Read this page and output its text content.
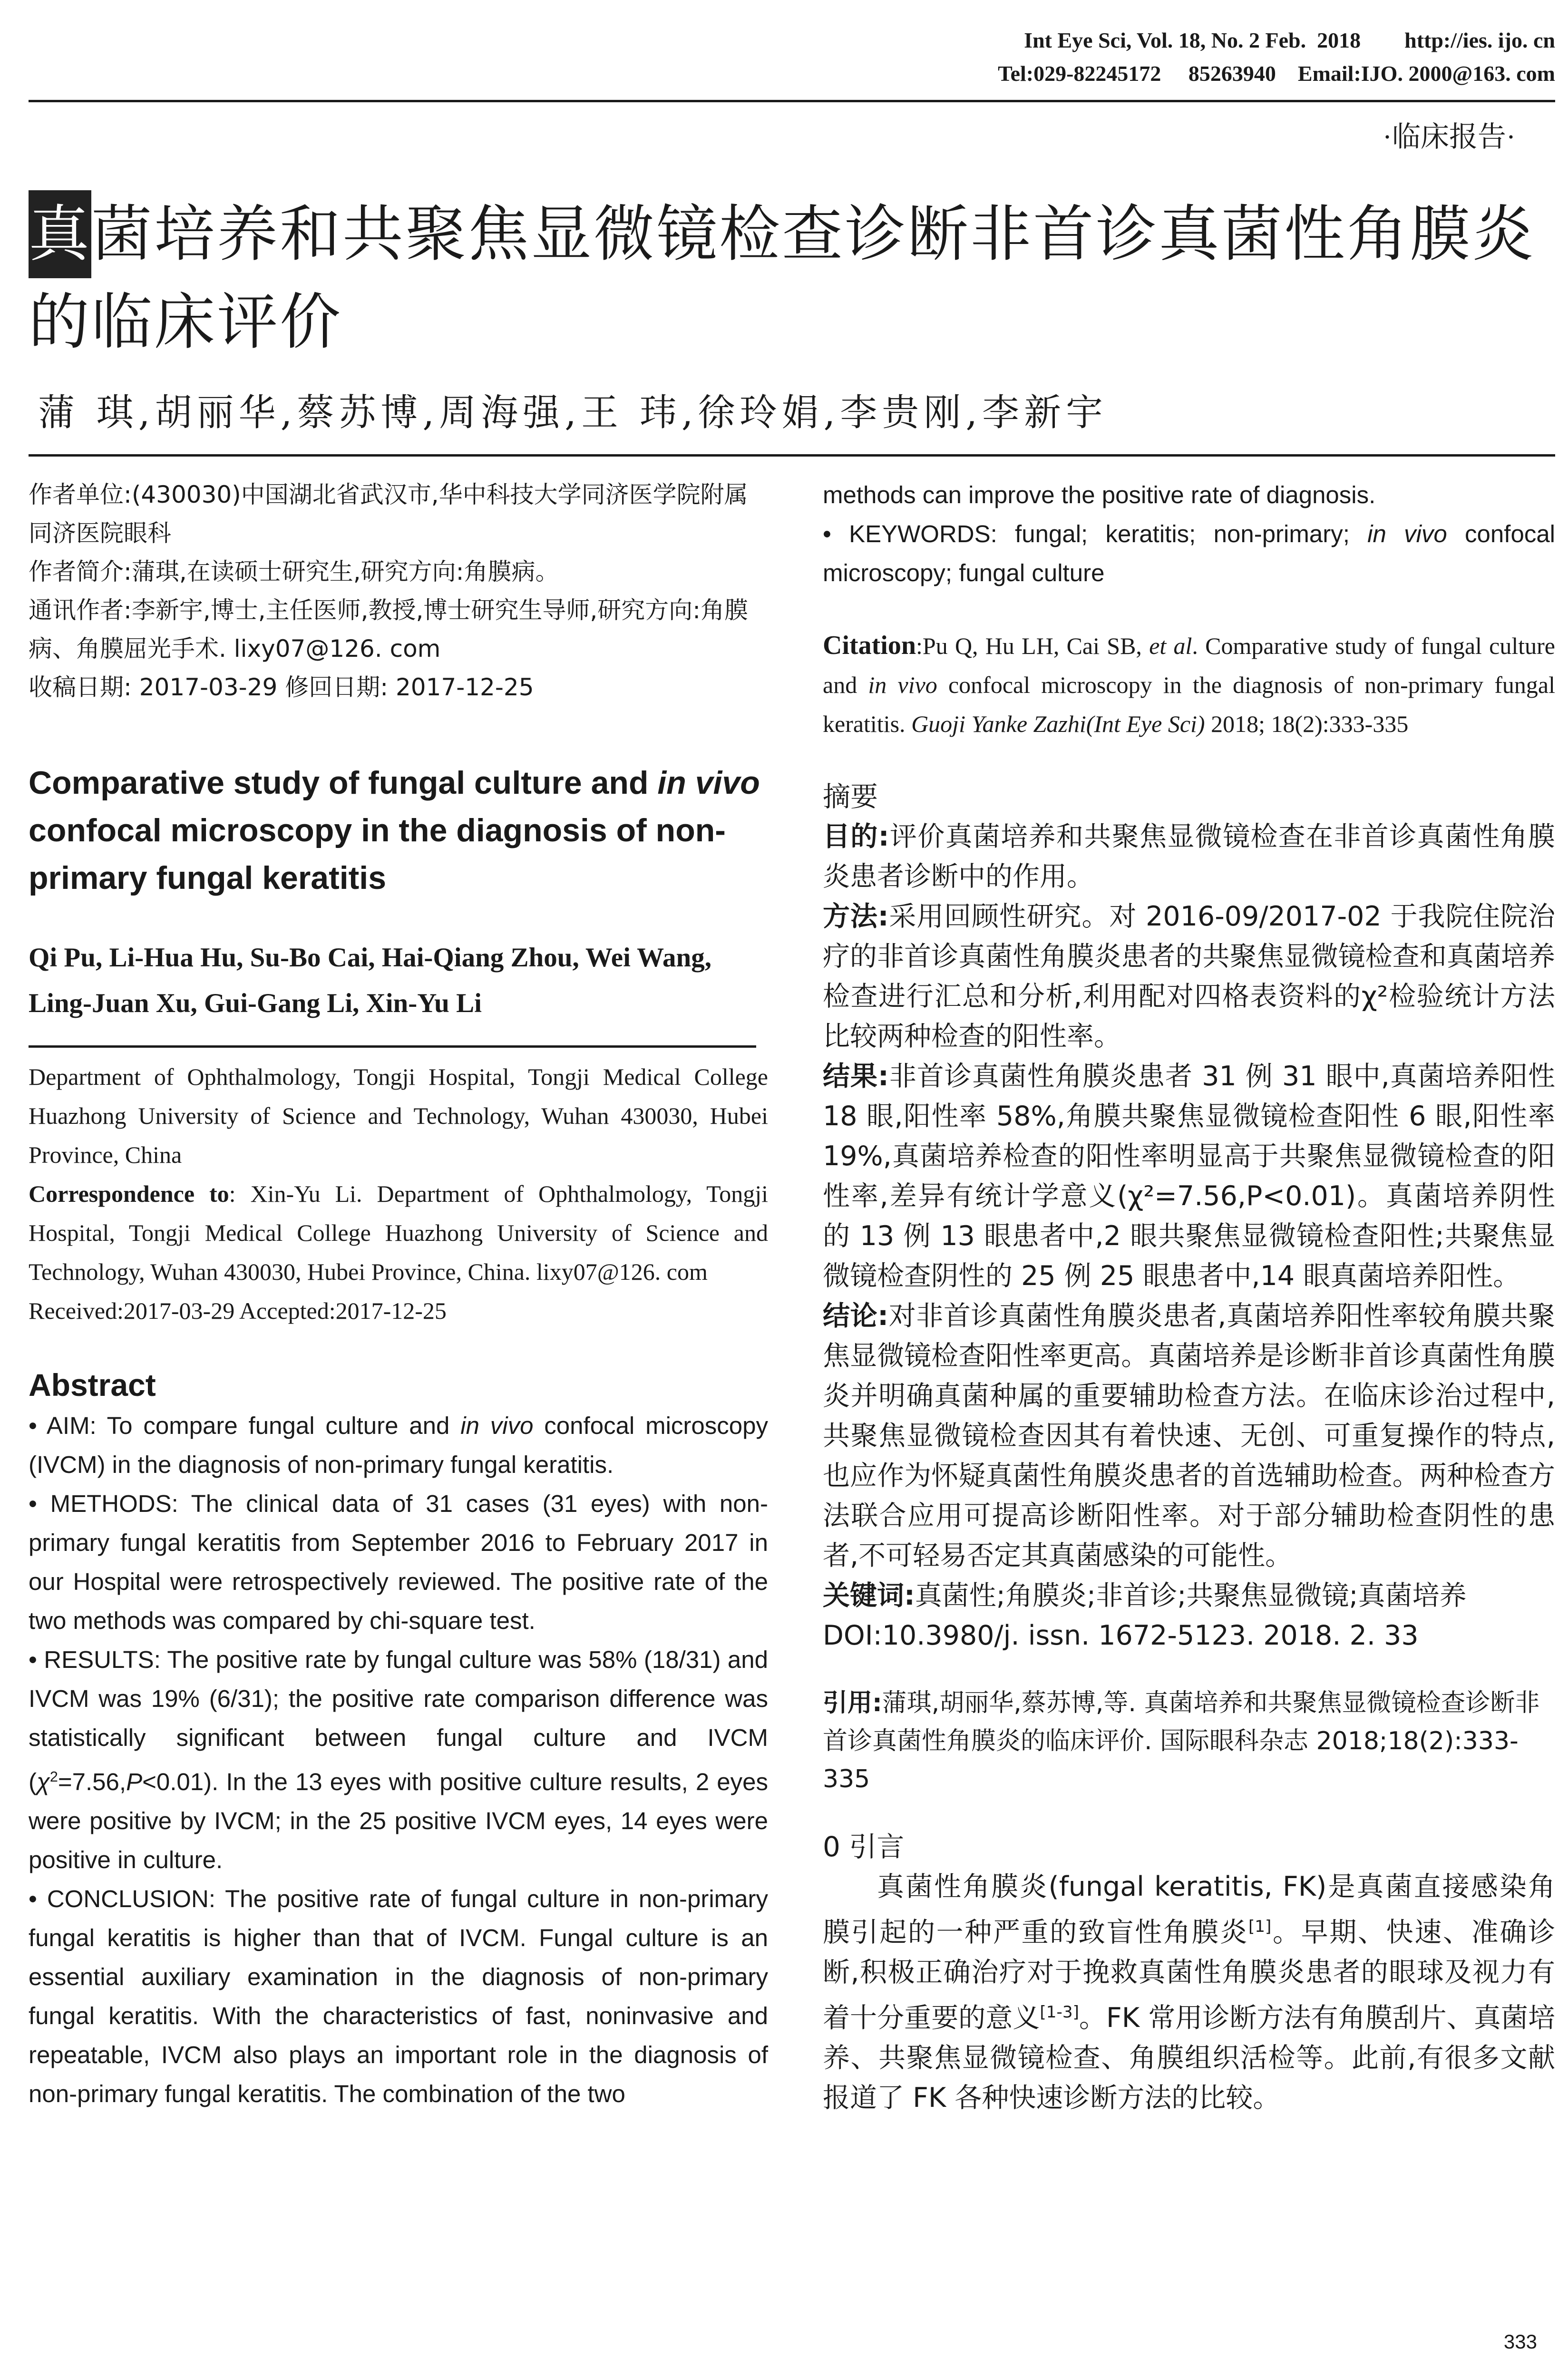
Int Eye Sci, Vol. 18, No. 2 Feb.  2018        http://ies. ijo. cn
Tel:029-82245172     85263940    Email:IJO. 2000@163. com
·临床报告·
真菌培养和共聚焦显微镜检查诊断非首诊真菌性角膜炎的临床评价
蒲 琪,胡丽华,蔡苏博,周海强,王 玮,徐玲娟,李贵刚,李新宇

作者单位:(430030)中国湖北省武汉市,华中科技大学同济医学院附属同济医院眼科

作者简介:蒲琪,在读硕士研究生,研究方向:角膜病。

通讯作者:李新宇,博士,主任医师,教授,博士研究生导师,研究方向:角膜病、角膜屈光手术. lixy07@126. com

收稿日期: 2017-03-29 修回日期: 2017-12-25

Comparative study of fungal culture and in vivo confocal microscopy in the diagnosis of non-primary fungal keratitis

Qi Pu, Li-Hua Hu, Su-Bo Cai, Hai-Qiang Zhou, Wei Wang, Ling-Juan Xu, Gui-Gang Li, Xin-Yu Li

Department of Ophthalmology, Tongji Hospital, Tongji Medical College Huazhong University of Science and Technology, Wuhan 430030, Hubei Province, China

Correspondence to: Xin-Yu Li. Department of Ophthalmology, Tongji Hospital, Tongji Medical College Huazhong University of Science and Technology, Wuhan 430030, Hubei Province, China. lixy07@126. com

Received:2017-03-29 Accepted:2017-12-25

Abstract

• AIM: To compare fungal culture and in vivo confocal microscopy (IVCM) in the diagnosis of non-primary fungal keratitis.

• METHODS: The clinical data of 31 cases (31 eyes) with non-primary fungal keratitis from September 2016 to February 2017 in our Hospital were retrospectively reviewed. The positive rate of the two methods was compared by chi-square test.

• RESULTS: The positive rate by fungal culture was 58% (18/31) and IVCM was 19% (6/31); the positive rate comparison difference was statistically significant between fungal culture and IVCM $(\chi^2=7.56,P<0.01)$. In the 13 eyes with positive culture results, 2 eyes were positive by IVCM; in the 25 positive IVCM eyes, 14 eyes were positive in culture.

• CONCLUSION: The positive rate of fungal culture in non-primary fungal keratitis is higher than that of IVCM. Fungal culture is an essential auxiliary examination in the diagnosis of non-primary fungal keratitis. With the characteristics of fast, noninvasive and repeatable, IVCM also plays an important role in the diagnosis of non-primary fungal keratitis. The combination of the two

methods can improve the positive rate of diagnosis.

• KEYWORDS: fungal; keratitis; non-primary; in vivo confocal microscopy; fungal culture

Citation:Pu Q, Hu LH, Cai SB, et al. Comparative study of fungal culture and in vivo confocal microscopy in the diagnosis of non-primary fungal keratitis. Guoji Yanke Zazhi(Int Eye Sci) 2018; 18(2):333-335

摘要

目的:评价真菌培养和共聚焦显微镜检查在非首诊真菌性角膜炎患者诊断中的作用。

方法:采用回顾性研究。对 2016-09/2017-02 于我院住院治疗的非首诊真菌性角膜炎患者的共聚焦显微镜检查和真菌培养检查进行汇总和分析,利用配对四格表资料的χ²检验统计方法比较两种检查的阳性率。

结果:非首诊真菌性角膜炎患者 31 例 31 眼中,真菌培养阳性 18 眼,阳性率 58%,角膜共聚焦显微镜检查阳性 6 眼,阳性率 19%,真菌培养检查的阳性率明显高于共聚焦显微镜检查的阳性率,差异有统计学意义(χ²=7.56,P<0.01)。真菌培养阴性的 13 例 13 眼患者中,2 眼共聚焦显微镜检查阳性;共聚焦显微镜检查阴性的 25 例 25 眼患者中,14 眼真菌培养阳性。

结论:对非首诊真菌性角膜炎患者,真菌培养阳性率较角膜共聚焦显微镜检查阳性率更高。真菌培养是诊断非首诊真菌性角膜炎并明确真菌种属的重要辅助检查方法。在临床诊治过程中,共聚焦显微镜检查因其有着快速、无创、可重复操作的特点,也应作为怀疑真菌性角膜炎患者的首选辅助检查。两种检查方法联合应用可提高诊断阳性率。对于部分辅助检查阴性的患者,不可轻易否定其真菌感染的可能性。

关键词:真菌性;角膜炎;非首诊;共聚焦显微镜;真菌培养

DOI:10.3980/j. issn. 1672-5123. 2018. 2. 33

引用:蒲琪,胡丽华,蔡苏博,等. 真菌培养和共聚焦显微镜检查诊断非首诊真菌性角膜炎的临床评价. 国际眼科杂志 2018;18(2):333-335

0 引言

真菌性角膜炎(fungal keratitis, FK)是真菌直接感染角膜引起的一种严重的致盲性角膜炎[1]。早期、快速、准确诊断,积极正确治疗对于挽救真菌性角膜炎患者的眼球及视力有着十分重要的意义[1-3]。FK 常用诊断方法有角膜刮片、真菌培养、共聚焦显微镜检查、角膜组织活检等。此前,有很多文献报道了 FK 各种快速诊断方法的比较。

333
